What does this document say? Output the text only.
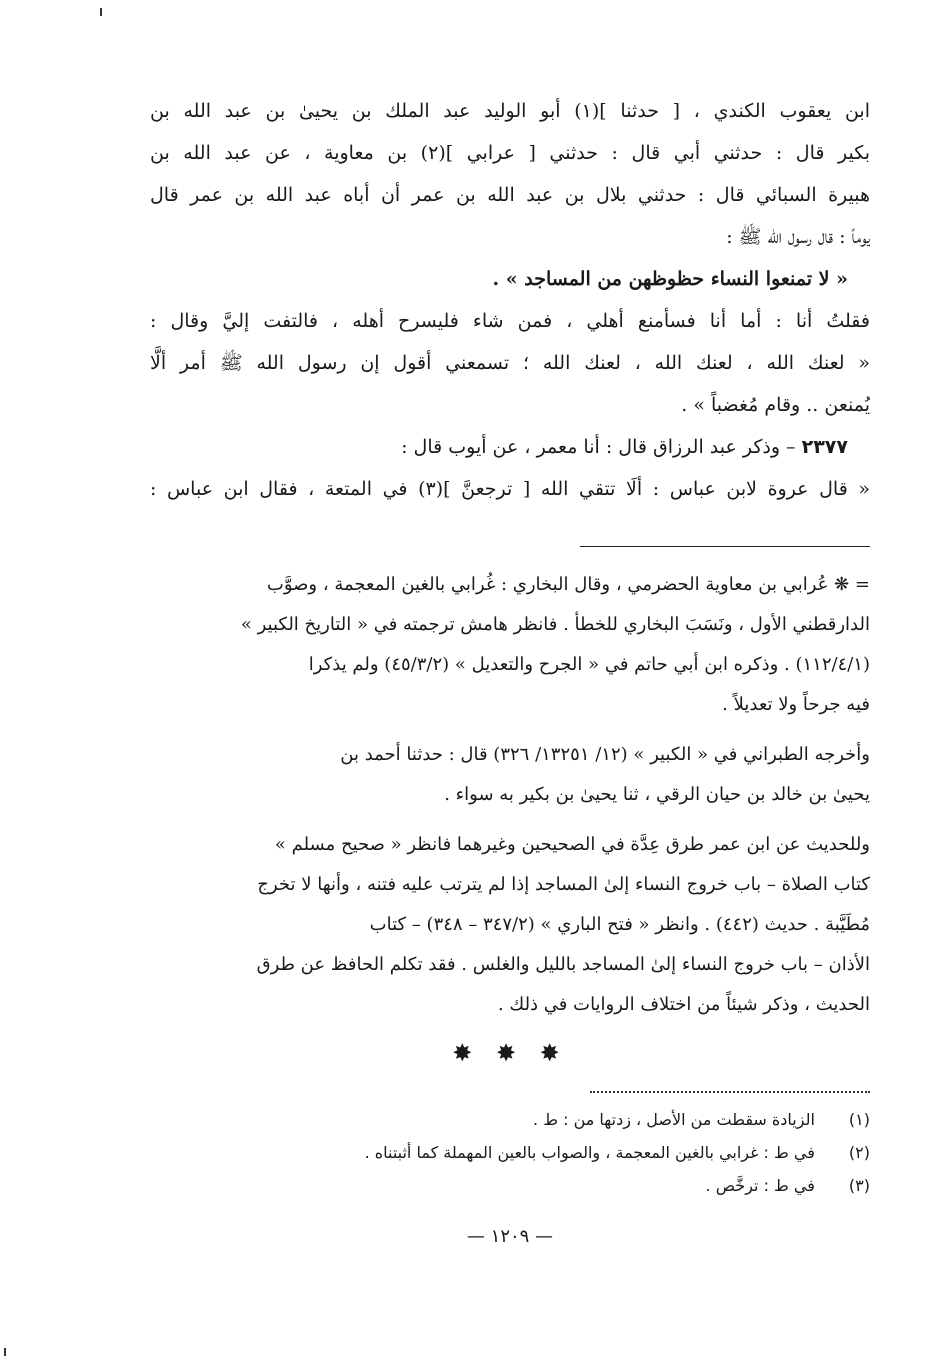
ابن يعقوب الكندي ، [ حدثنا ](١) أبو الوليد عبد الملك بن يحيىٰ بن عبد الله بن

بكير قال : حدثني أبي قال : حدثني [ عرابي ](٢) بن معاوية ، عن عبد الله بن

هبيرة السبائي قال : حدثني بلال بن عبد الله بن عمر أن أباه عبد الله بن عمر قال

يوماً : قال رسول الله ﷺ :

« لا تمنعوا النساء حظوظهن من المساجد » .

فقلتُ أنا : أما أنا فسأمنع أهلي ، فمن شاء فليسرح أهله ، فالتفت إليَّ وقال :

« لعنك الله ، لعنك الله ، لعنك الله ؛ تسمعني أقول إن رسول الله ﷺ أمر ألَّا

يُمنعن .. وقام مُغضباً » .

٢٣٧٧ – وذكر عبد الرزاق قال : أنا معمر ، عن أيوب قال :

« قال عروة لابن عباس : ألَا تتقي الله [ ترجعنَّ ](٣) في المتعة ، فقال ابن عباس :

= ❋ عُرابي بن معاوية الحضرمي ، وقال البخاري : غُرابي بالغين المعجمة ، وصوَّب

الدارقطني الأول ، ونَسَبَ البخاري للخطأ . فانظر هامش ترجمته في « التاريخ الكبير »

(١١٢/٤/١) . وذكره ابن أبي حاتم في « الجرح والتعديل » (٤٥/٣/٢) ولم يذكرا

فيه جرحاً ولا تعديلاً .

وأخرجه الطبراني في « الكبير » (١٢/ ١٣٢٥١/ ٣٢٦) قال : حدثنا أحمد بن

يحيىٰ بن خالد بن حيان الرقي ، ثنا يحيىٰ بن بكير به سواء .

وللحديث عن ابن عمر طرق عِدَّة في الصحيحين وغيرهما فانظر « صحيح مسلم »

كتاب الصلاة – باب خروج النساء إلىٰ المساجد إذا لم يترتب عليه فتنه ، وأنها لا تخرج

مُطَيَّبة . حديث (٤٤٢) . وانظر « فتح الباري » (٣٤٧/٢ – ٣٤٨) – كتاب

الأذان – باب خروج النساء إلىٰ المساجد بالليل والغلس . فقد تكلم الحافظ عن طرق

الحديث ، وذكر شيئاً من اختلاف الروايات في ذلك .

✸ ✸ ✸

(١) الزيادة سقطت من الأصل ، زدتها من : ط .

(٢) في ط : غرابي بالغين المعجمة ، والصواب بالعين المهملة كما أثبتناه .

(٣) في ط : ترخَّص .

— ١٢٠٩ —
